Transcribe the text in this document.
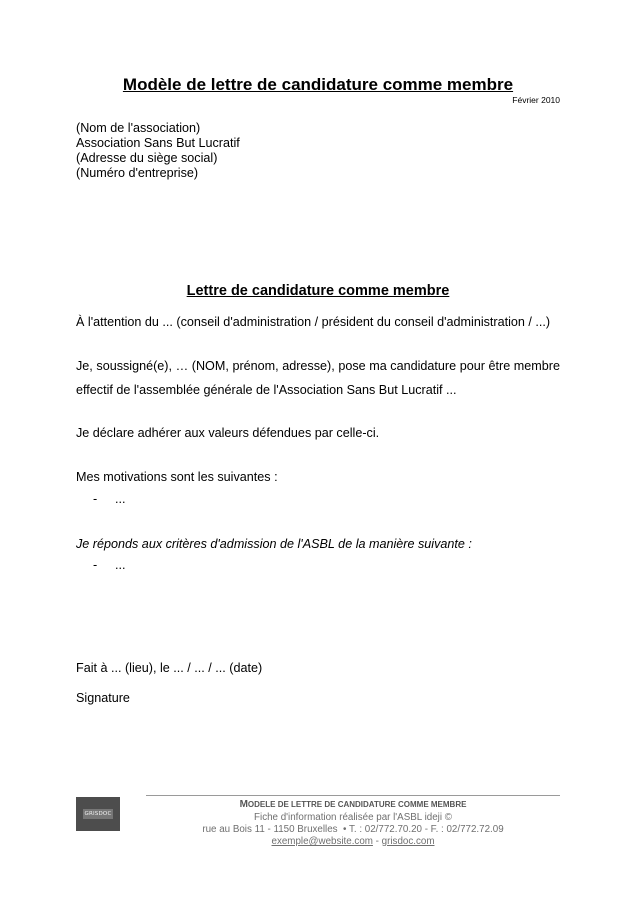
Modèle de lettre de candidature comme membre
Février 2010
(Nom de l'association)
Association Sans But Lucratif
(Adresse du siège social)
(Numéro d'entreprise)
Lettre de candidature comme membre
À l'attention du ... (conseil d'administration / président du conseil d'administration / ...)
Je, soussigné(e), … (NOM, prénom, adresse), pose ma candidature pour être membre effectif de l'assemblée générale de l'Association Sans But Lucratif ...
Je déclare adhérer aux valeurs défendues par celle-ci.
Mes motivations sont les suivantes :
- ...
Je réponds aux critères d'admission de l'ASBL de la manière suivante :
- ...
Fait à ... (lieu), le ... / ... / ... (date)
Signature
GRISDOC
MODELE DE LETTRE DE CANDIDATURE COMME MEMBRE
Fiche d'information réalisée par l'ASBL ideji ©
rue au Bois 11 - 1150 Bruxelles  • T. : 02/772.70.20 - F. : 02/772.72.09
exemple@website.com - grisdoc.com
